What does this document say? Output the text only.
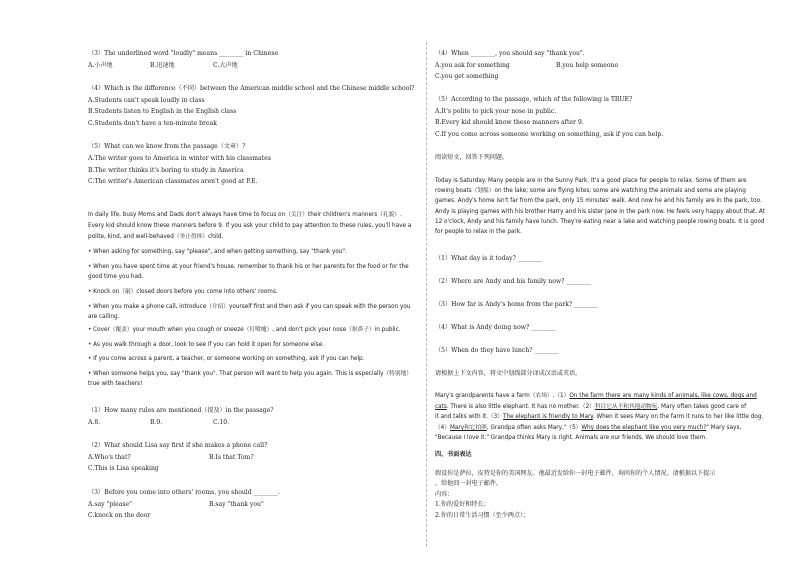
（3）The underlined word "loudly" means ________ in Chinese
A.小声地	B.迅速地	C.大声地
（4）Which is the difference（不同）between the American middle school and the Chinese middle school?
A.Students can't speak loudly in class
B.Students listen to English in the English class
C.Students don't have a ten-minute break
（5）What can we know from the passage（文章）?
A.The writer goes to America in winter with his classmates
B.The writer thinks it's boring to study in America
C.The writer's American classmates aren't good at P.E.
In daily life, busy Moms and Dads don't always have time to focus on（关注）their children's manners（礼貌）.
Every kid should know these manners before 9. If you ask your child to pay attention to these rules, you'll have a
polite, kind, and well-behaved（举止得体）child.
• When asking for something, say "please", and when getting something, say "thank you".
• When you have spent time at your friend's house, remember to thank his or her parents for the food or for the
good time you had.
• Knock on（敲）closed doors before you come into others' rooms.
• When you make a phone call, introduce（介绍）yourself first and then ask if you can speak with the person you
are calling.
• Cover（覆盖）your mouth when you cough or sneeze（打喷嚏）, and don't pick your nose（抠鼻子）in public.
• As you walk through a door, look to see if you can hold it open for someone else.
• If you come across a parent, a teacher, or someone working on something, ask if you can help.
• When someone helps you, say "thank you". That person will want to help you again. This is especially（特别地）
true with teachers!
（1）How many rules are mentioned（提及）in the passage?
A.8.	B.9.	C.10.
（2）What should Lisa say first if she makes a phone call?
A.Who's that?	B.Is that Tom?
C.This is Lisa speaking
（3）Before you come into others' rooms, you should ________.
A.say "please"	B.say "thank you"
C.knock on the door
（4）When ________, you should say "thank you".
A.you ask for something	B.you help someone
C.you get something
（5）According to the passage, which of the following is TRUE?
A.It's polite to pick your nose in public.
B.Every kid should know these manners after 9.
C.If you come across someone working on something, ask if you can help.
阅读短文，回答下列问题。
Today is Saturday. Many people are in the Sunny Park. It's a good place for people to relax. Some of them are
rowing boats（划船）on the lake; some are flying kites; some are watching the animals and some are playing
games. Andy's home isn't far from the park, only 15 minutes' walk. And now he and his family are in the park, too.
Andy is playing games with his brother Harry and his sister Jane in the park now. He feels very happy about that. At
12 o'clock, Andy and his family have lunch. They're eating near a lake and watching people rowing boats. It is good
for people to relax in the park.
（1）What day is it today? ________
（2）Where are Andy and his family now? ________
（3）How far is Andy's home from the park? ________
（4）What is Andy doing now? ________
（5）When do they have lunch? ________
请根据上下文内容，将文中划线部分译成汉语或英语。
Mary's grandparents have a farm（农场）.（1）On the farm there are many kinds of animals, like cows, dogs and
cats. There is also little elephant. It has no mother.（2）科目它从不和其他动物玩. Mary often takes good care of
it and talks with it.（3）The elephant is friendly to Mary. When it sees Mary on the farm it runs to her like little dog.
（4）Mary和它拍照. Grandpa often asks Mary,"（5）Why does the elephant like you very much?" Mary says,
"Because I love it." Grandpa thinks Mary is right. Animals are our friends. We should love them.
四、书面表达
假设你是萨拉，皮特是你的美国网友。他最近发给你一封电子邮件，询问你的个人情况。请根据以下提示
，给他回一封电子邮件。
内容：
1.你的爱好和特长；
2.你的日常生活习惯（至少两点）；
